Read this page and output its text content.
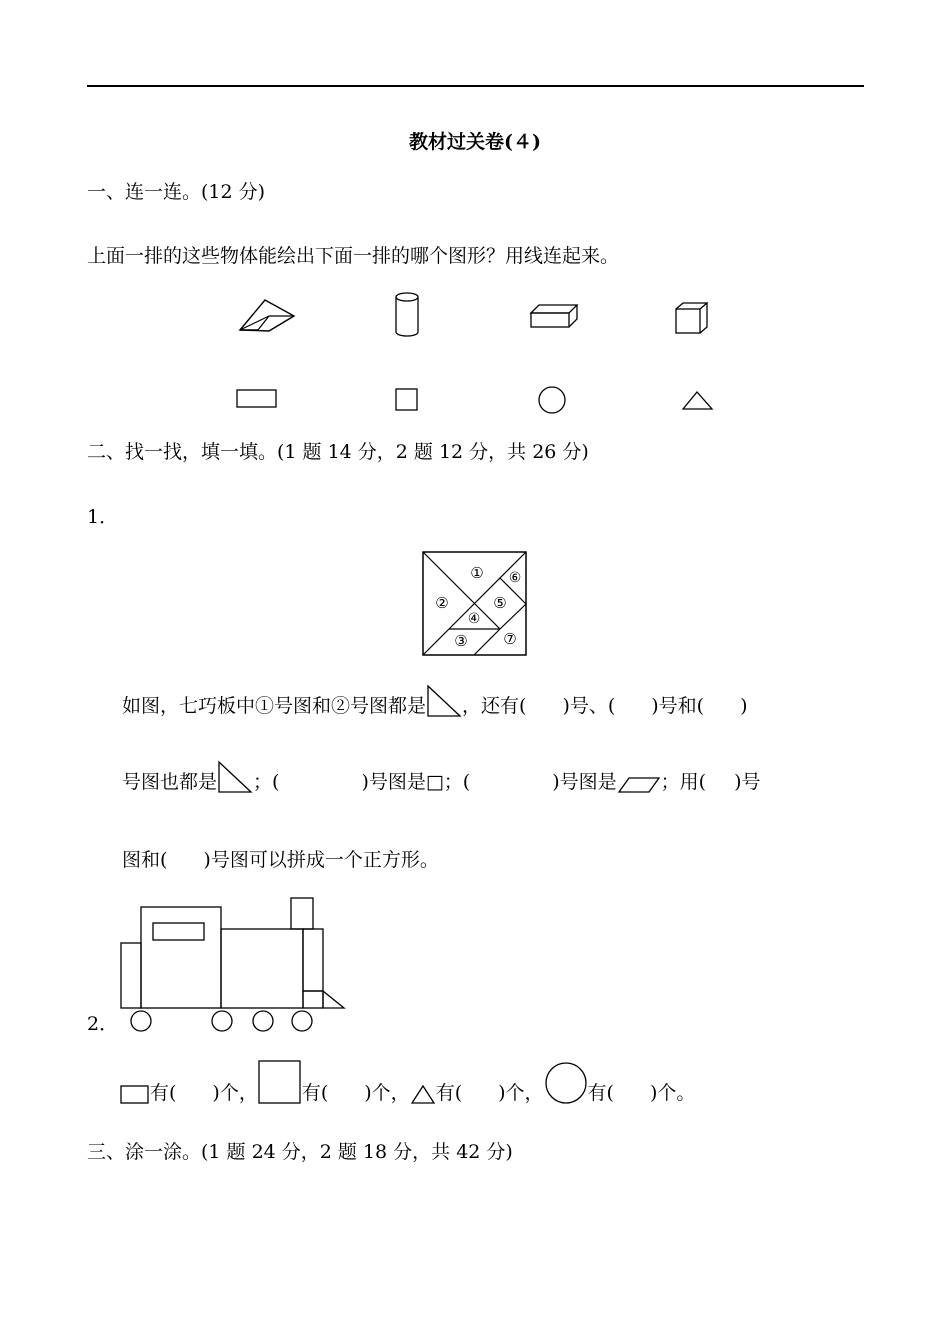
教材过关卷(４)
一、连一连。(12 分)
上面一排的这些物体能绘出下面一排的哪个图形？用线连起来。
二、找一找，填一填。(1 题 14 分，2 题 12 分，共 26 分)
1．
①
②
③
④
⑤
⑥
⑦
如图，七巧板中①号图和②号图都是 ，还有( )号、( )号和( )
号图也都是 ；(	)号图是□；(	)号图是 ；用( )号
图和( )号图可以拼成一个正方形。
2．
有( )个， 有( )个， 有( )个， 有( )个。
三、涂一涂。(1 题 24 分，2 题 18 分，共 42 分)
